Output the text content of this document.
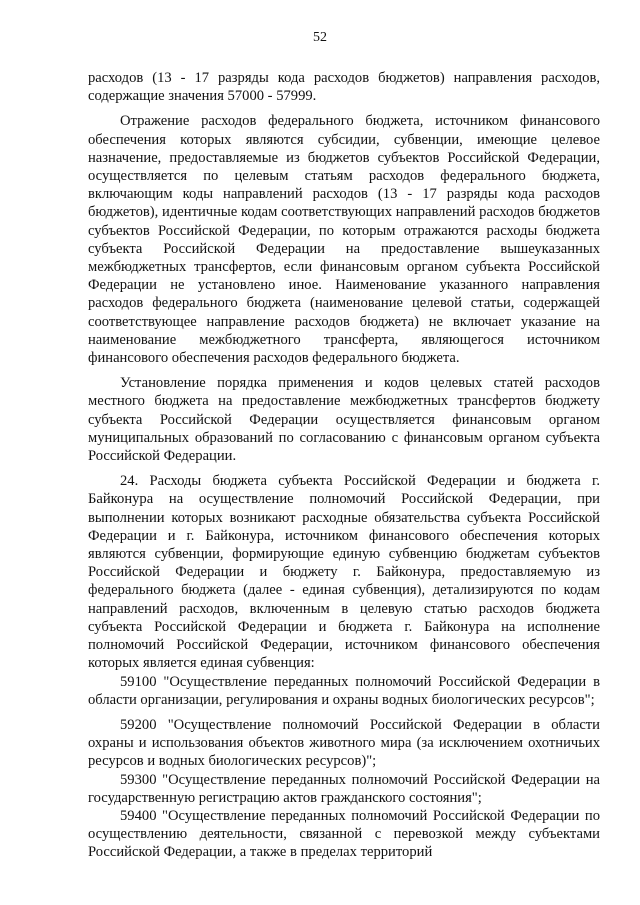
52

расходов (13 - 17 разряды кода расходов бюджетов) направления расходов, содержащие значения 57000 - 57999.

Отражение расходов федерального бюджета, источником финансового обеспечения которых являются субсидии, субвенции, имеющие целевое назначение, предоставляемые из бюджетов субъектов Российской Федерации, осуществляется по целевым статьям расходов федерального бюджета, включающим коды направлений расходов (13 - 17 разряды кода расходов бюджетов), идентичные кодам соответствующих направлений расходов бюджетов субъектов Российской Федерации, по которым отражаются расходы бюджета субъекта Российской Федерации на предоставление вышеуказанных межбюджетных трансфертов, если финансовым органом субъекта Российской Федерации не установлено иное. Наименование указанного направления расходов федерального бюджета (наименование целевой статьи, содержащей соответствующее направление расходов бюджета) не включает указание на наименование межбюджетного трансферта, являющегося источником финансового обеспечения расходов федерального бюджета.

Установление порядка применения и кодов целевых статей расходов местного бюджета на предоставление межбюджетных трансфертов бюджету субъекта Российской Федерации осуществляется финансовым органом муниципальных образований по согласованию с финансовым органом субъекта Российской Федерации.

24. Расходы бюджета субъекта Российской Федерации и бюджета г. Байконура на осуществление полномочий Российской Федерации, при выполнении которых возникают расходные обязательства субъекта Российской Федерации и г. Байконура, источником финансового обеспечения которых являются субвенции, формирующие единую субвенцию бюджетам субъектов Российской Федерации и бюджету г. Байконура, предоставляемую из федерального бюджета (далее - единая субвенция), детализируются по кодам направлений расходов, включенным в целевую статью расходов бюджета субъекта Российской Федерации и бюджета г. Байконура на исполнение полномочий Российской Федерации, источником финансового обеспечения которых является единая субвенция:

59100 "Осуществление переданных полномочий Российской Федерации в области организации, регулирования и охраны водных биологических ресурсов";

59200 "Осуществление полномочий Российской Федерации в области охраны и использования объектов животного мира (за исключением охотничьих ресурсов и водных биологических ресурсов)";

59300 "Осуществление переданных полномочий Российской Федерации на государственную регистрацию актов гражданского состояния";

59400 "Осуществление переданных полномочий Российской Федерации по осуществлению деятельности, связанной с перевозкой между субъектами Российской Федерации, а также в пределах территорий
